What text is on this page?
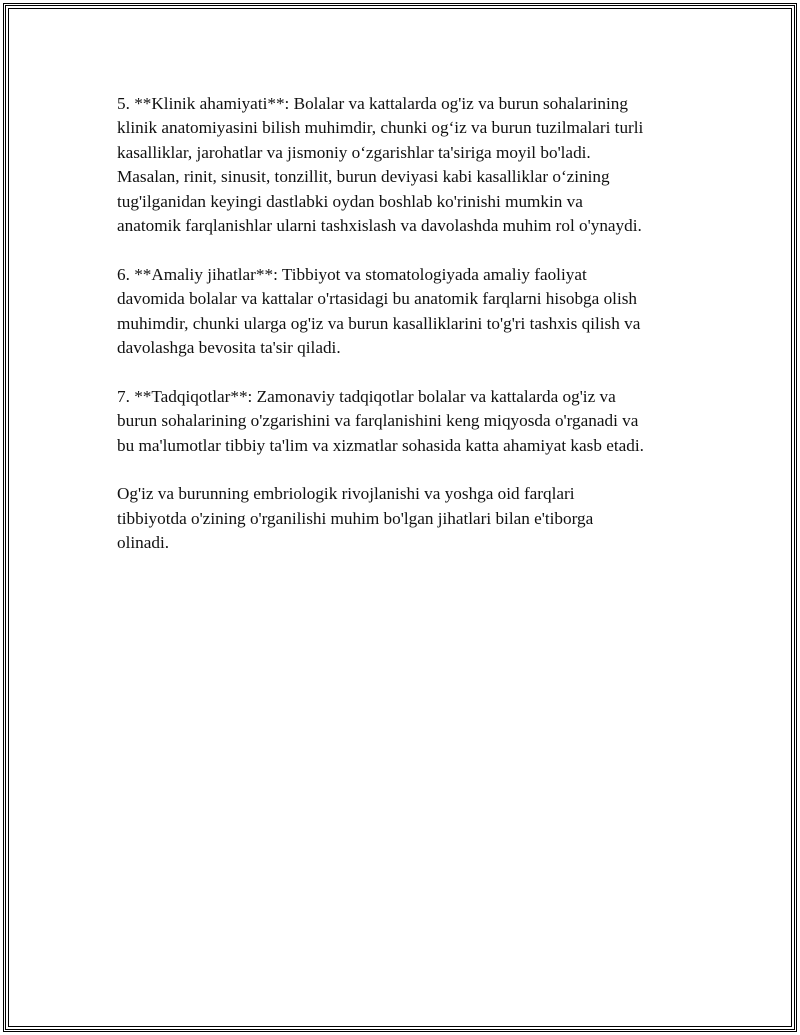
5. **Klinik ahamiyati**: Bolalar va kattalarda og'iz va burun sohalarining
klinik anatomiyasini bilish muhimdir, chunki og‘iz va burun tuzilmalari turli
kasalliklar, jarohatlar va jismoniy o‘zgarishlar ta'siriga moyil bo'ladi.
Masalan, rinit, sinusit, tonzillit, burun deviyasi kabi kasalliklar o‘zining
tug'ilganidan keyingi dastlabki oydan boshlab ko'rinishi mumkin va
anatomik farqlanishlar ularni tashxislash va davolashda muhim rol o'ynaydi.

6. **Amaliy jihatlar**: Tibbiyot va stomatologiyada amaliy faoliyat
davomida bolalar va kattalar o'rtasidagi bu anatomik farqlarni hisobga olish
muhimdir, chunki ularga og'iz va burun kasalliklarini to'g'ri tashxis qilish va
davolashga bevosita ta'sir qiladi.

7. **Tadqiqotlar**: Zamonaviy tadqiqotlar bolalar va kattalarda og'iz va
burun sohalarining o'zgarishini va farqlanishini keng miqyosda o'rganadi va
bu ma'lumotlar tibbiy ta'lim va xizmatlar sohasida katta ahamiyat kasb etadi.

Og'iz va burunning embriologik rivojlanishi va yoshga oid farqlari
tibbiyotda o'zining o'rganilishi muhim bo'lgan jihatlari bilan e'tiborga
olinadi.
